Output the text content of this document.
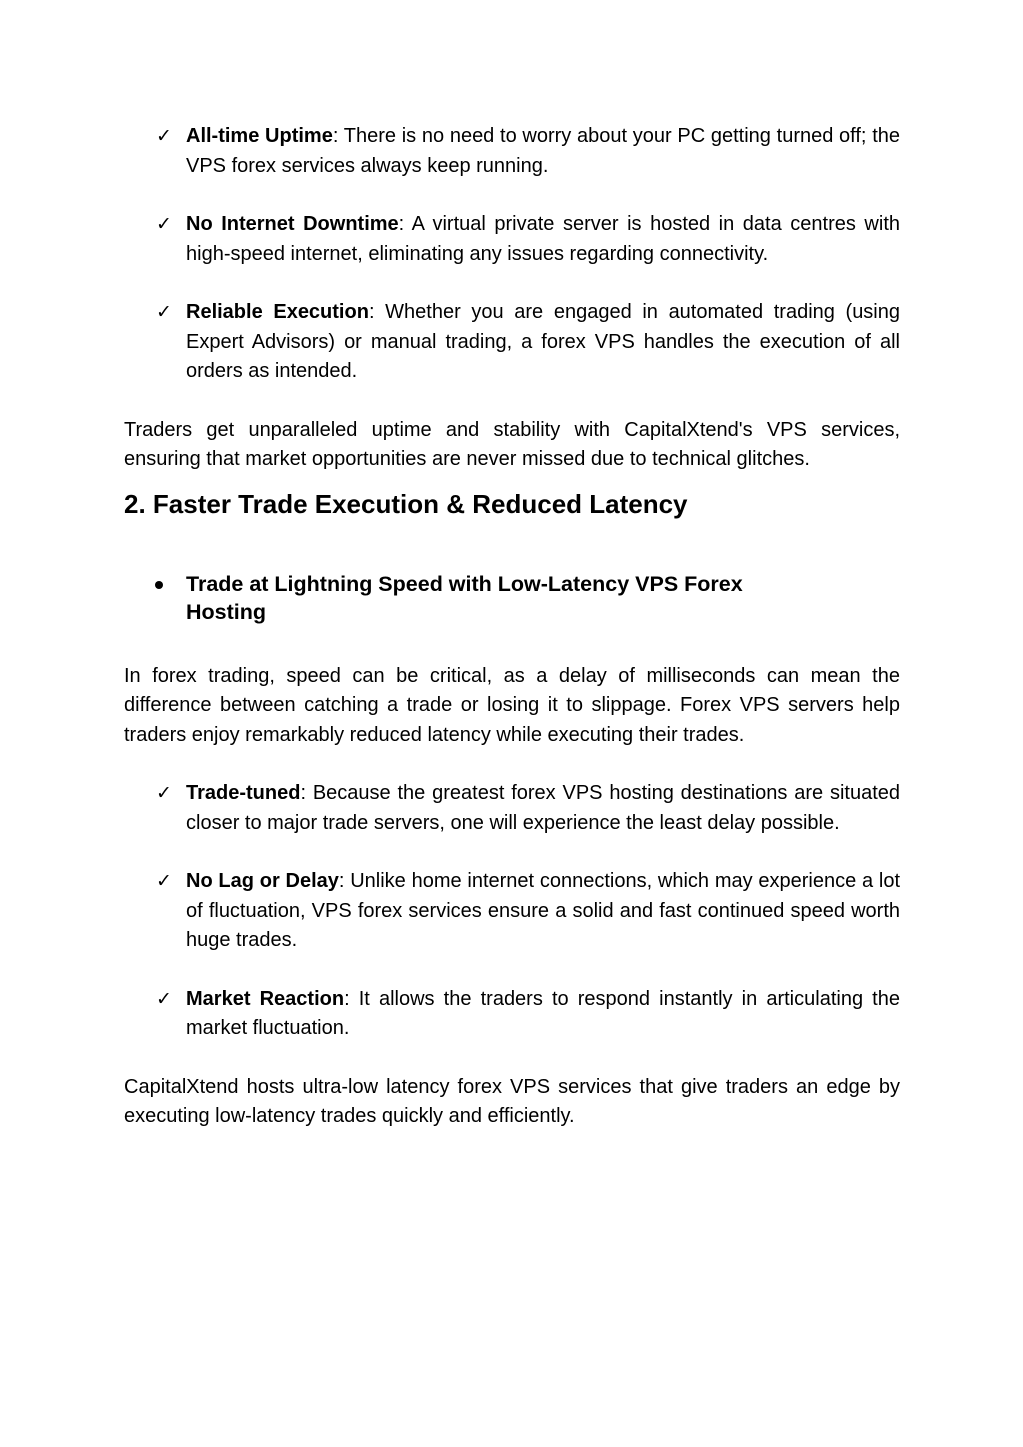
✓ All-time Uptime: There is no need to worry about your PC getting turned off; the VPS forex services always keep running.
✓ No Internet Downtime: A virtual private server is hosted in data centres with high-speed internet, eliminating any issues regarding connectivity.
✓ Reliable Execution: Whether you are engaged in automated trading (using Expert Advisors) or manual trading, a forex VPS handles the execution of all orders as intended.

Traders get unparalleled uptime and stability with CapitalXtend's VPS services, ensuring that market opportunities are never missed due to technical glitches.

2. Faster Trade Execution & Reduced Latency
Trade at Lightning Speed with Low-Latency VPS Forex Hosting

In forex trading, speed can be critical, as a delay of milliseconds can mean the difference between catching a trade or losing it to slippage. Forex VPS servers help traders enjoy remarkably reduced latency while executing their trades.

✓ Trade-tuned: Because the greatest forex VPS hosting destinations are situated closer to major trade servers, one will experience the least delay possible.
✓ No Lag or Delay: Unlike home internet connections, which may experience a lot of fluctuation, VPS forex services ensure a solid and fast continued speed worth huge trades.
✓ Market Reaction: It allows the traders to respond instantly in articulating the market fluctuation.

CapitalXtend hosts ultra-low latency forex VPS services that give traders an edge by executing low-latency trades quickly and efficiently.
